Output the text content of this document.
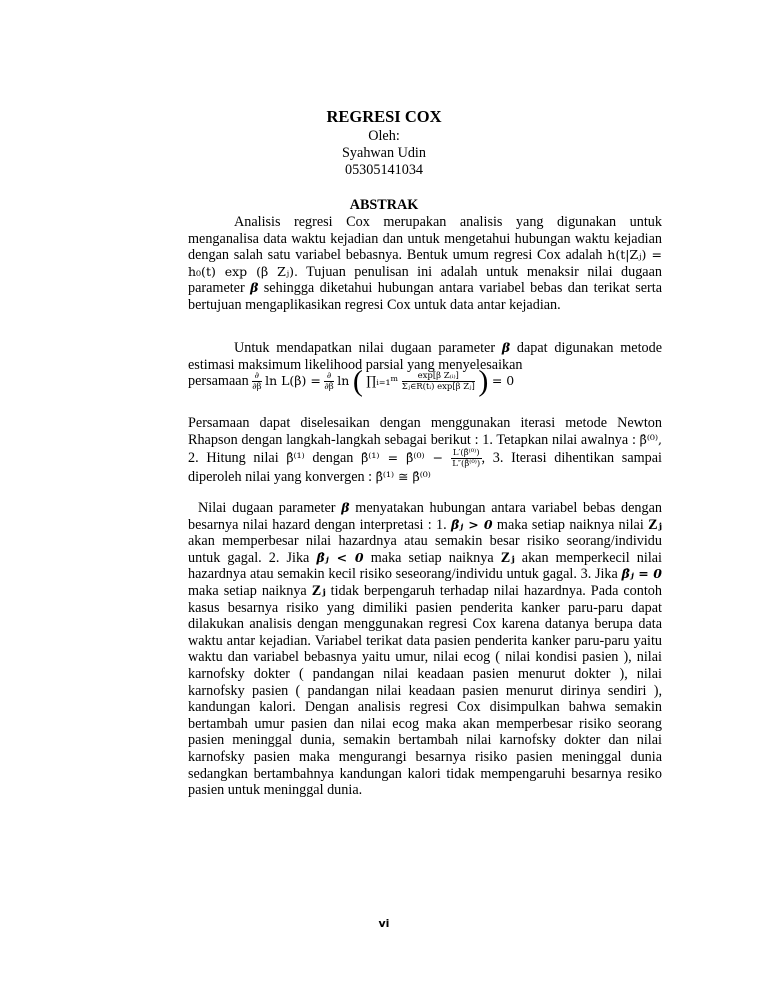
REGRESI COX
Oleh:
Syahwan Udin
05305141034
ABSTRAK

Analisis regresi Cox merupakan analisis yang digunakan untuk menganalisa data waktu kejadian dan untuk mengetahui hubungan waktu kejadian dengan salah satu variabel bebasnya. Bentuk umum regresi Cox adalah h(t|Zⱼ) = h₀(t) exp (β Zⱼ). Tujuan penulisan ini adalah untuk menaksir nilai dugaan parameter β sehingga diketahui hubungan antara variabel bebas dan terikat serta bertujuan mengaplikasikan regresi Cox untuk data antar kejadian.

Untuk mendapatkan nilai dugaan parameter β dapat digunakan metode estimasi maksimum likelihood parsial yang menyelesaikan

persamaan $\frac{\partial}{\partial\beta}$ $\ln L(\beta) = \frac{\partial}{\partial\beta}$ ln ( ∏ᵢ₌₁ᵐ $\frac{\text{exp[β Z₍ᵢ₎]}}{\text{Σⱼ∈R(tᵢ) exp[β Zⱼ]}}$ ) = 0

Persamaan dapat diselesaikan dengan menggunakan iterasi metode Newton Rhapson dengan langkah-langkah sebagai berikut : 1. Tetapkan nilai awalnya : β̂⁽⁰⁾, 2. Hitung nilai β̂⁽¹⁾ dengan β̂⁽¹⁾ = β̂⁽⁰⁾ − $\frac{\text{L′(β̂⁽⁰⁾)}}{\text{L″(β̂⁽⁰⁾)}}$ , 3. Iterasi dihentikan sampai diperoleh nilai yang konvergen : β̂⁽¹⁾ ≅ β̂⁽⁰⁾

Nilai dugaan parameter β menyatakan hubungan antara variabel bebas dengan besarnya nilai hazard dengan interpretasi : 1. β̂ⱼ > 0 maka setiap naiknya nilai Zⱼ akan memperbesar nilai hazardnya atau semakin besar risiko seorang/individu untuk gagal. 2. Jika β̂ⱼ < 0 maka setiap naiknya Zⱼ akan memperkecil nilai hazardnya atau semakin kecil risiko seseorang/individu untuk gagal. 3. Jika β̂ⱼ = 0 maka setiap naiknya Zⱼ tidak berpengaruh terhadap nilai hazardnya. Pada contoh kasus besarnya risiko yang dimiliki pasien penderita kanker paru-paru dapat dilakukan analisis dengan menggunakan regresi Cox karena datanya berupa data waktu antar kejadian. Variabel terikat data pasien penderita kanker paru-paru yaitu waktu dan variabel bebasnya yaitu umur, nilai ecog ( nilai kondisi pasien ), nilai karnofsky dokter ( pandangan nilai keadaan pasien menurut dokter ), nilai karnofsky pasien ( pandangan nilai keadaan pasien menurut dirinya sendiri ), kandungan kalori. Dengan analisis regresi Cox disimpulkan bahwa semakin bertambah umur pasien dan nilai ecog maka akan memperbesar risiko seorang pasien meninggal dunia, semakin bertambah nilai karnofsky dokter dan nilai karnofsky pasien maka mengurangi besarnya risiko pasien meninggal dunia sedangkan bertambahnya kandungan kalori tidak mempengaruhi besarnya resiko pasien untuk meninggal dunia.

vi
